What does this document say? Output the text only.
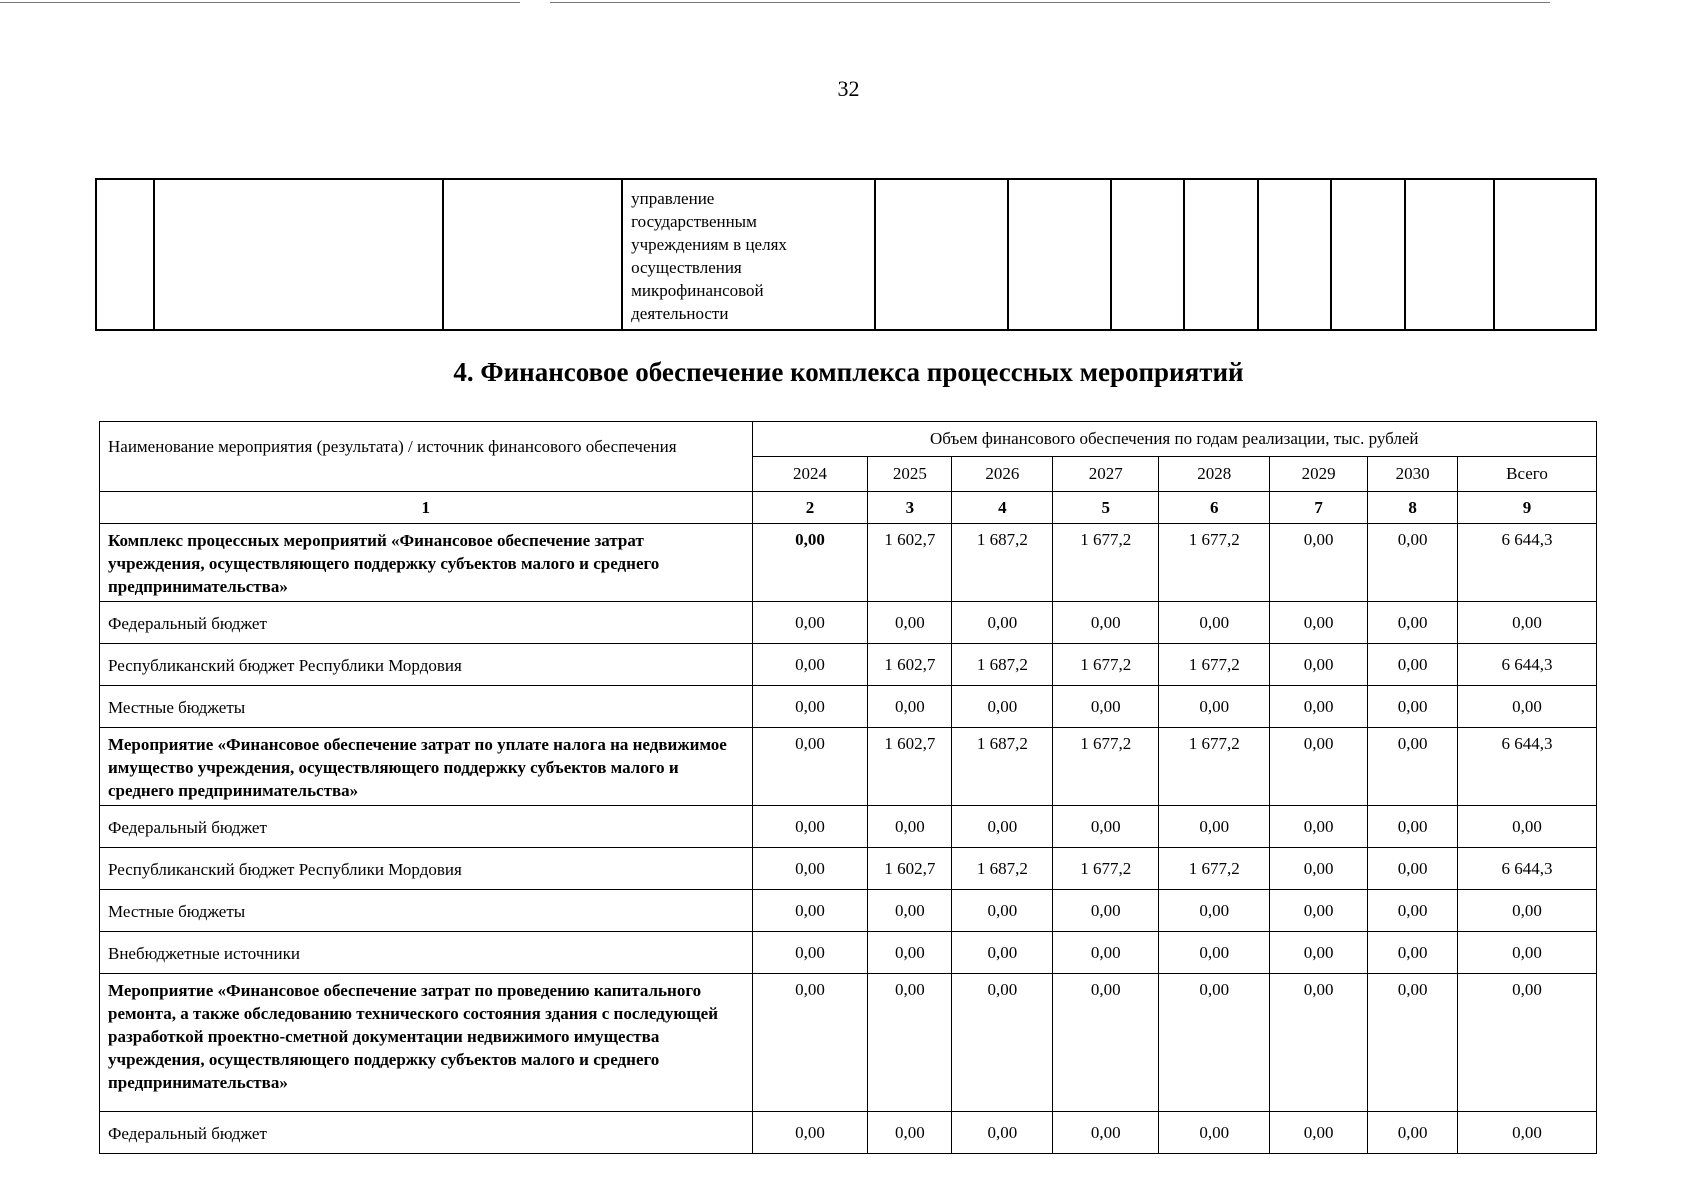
32

управление
государственным
учреждениям в целях
осуществления
микрофинансовой
деятельности

4. Финансовое обеспечение комплекса процессных мероприятий
Наименование мероприятия (результата) / источник финансового обеспечения	Объем финансового обеспечения по годам реализации, тыс. рублей							
	2024	2025	2026	2027	2028	2029	2030	Всего
1	2	3	4	5	6	7	8	9
Комплекс процессных мероприятий «Финансовое обеспечение затрат учреждения, осуществляющего поддержку субъектов малого и среднего предпринимательства»	0,00	1 602,7	1 687,2	1 677,2	1 677,2	0,00	0,00	6 644,3
Федеральный бюджет	0,00	0,00	0,00	0,00	0,00	0,00	0,00	0,00
Республиканский бюджет Республики Мордовия	0,00	1 602,7	1 687,2	1 677,2	1 677,2	0,00	0,00	6 644,3
Местные бюджеты	0,00	0,00	0,00	0,00	0,00	0,00	0,00	0,00
Мероприятие «Финансовое обеспечение затрат по уплате налога на недвижимое имущество учреждения, осуществляющего поддержку субъектов малого и среднего предпринимательства»	0,00	1 602,7	1 687,2	1 677,2	1 677,2	0,00	0,00	6 644,3
Федеральный бюджет	0,00	0,00	0,00	0,00	0,00	0,00	0,00	0,00
Республиканский бюджет Республики Мордовия	0,00	1 602,7	1 687,2	1 677,2	1 677,2	0,00	0,00	6 644,3
Местные бюджеты	0,00	0,00	0,00	0,00	0,00	0,00	0,00	0,00
Внебюджетные источники	0,00	0,00	0,00	0,00	0,00	0,00	0,00	0,00
Мероприятие «Финансовое обеспечение затрат по проведению капитального ремонта, а также обследованию технического состояния здания с последующей разработкой проектно-сметной документации недвижимого имущества учреждения, осуществляющего поддержку субъектов малого и среднего предпринимательства»	0,00	0,00	0,00	0,00	0,00	0,00	0,00	0,00
Федеральный бюджет	0,00	0,00	0,00	0,00	0,00	0,00	0,00	0,00
